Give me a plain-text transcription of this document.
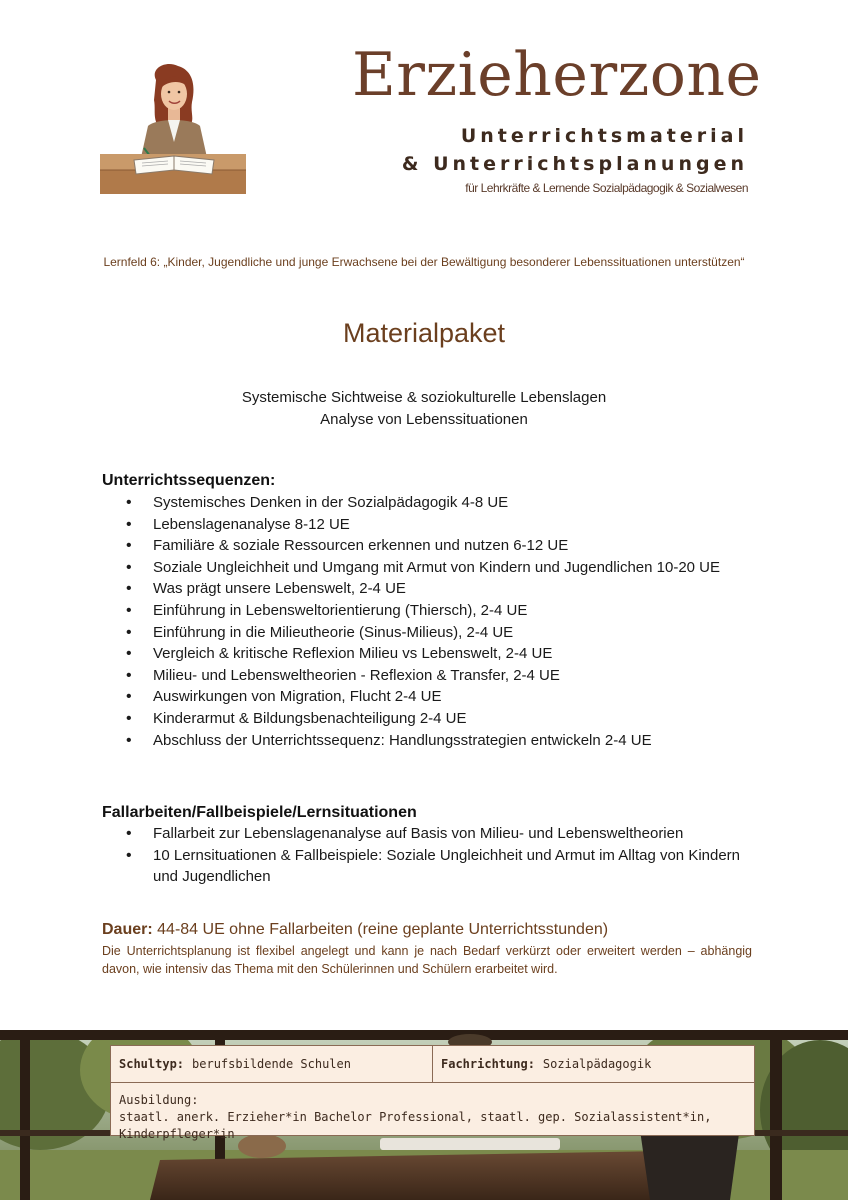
Erzieherzone
Unterrichtsmaterial
& Unterrichtsplanungen
für Lehrkräfte & Lernende Sozialpädagogik & Sozialwesen
Lernfeld 6: „Kinder, Jugendliche und junge Erwachsene bei der Bewältigung besonderer Lebenssituationen unterstützen“
Materialpaket
Systemische Sichtweise & soziokulturelle Lebenslagen
Analyse von Lebenssituationen
Unterrichtssequenzen:
• Systemisches Denken in der Sozialpädagogik 4-8 UE
• Lebenslagenanalyse 8-12 UE
• Familiäre & soziale Ressourcen erkennen und nutzen 6-12 UE
• Soziale Ungleichheit und Umgang mit Armut von Kindern und Jugendlichen 10-20 UE
• Was prägt unsere Lebenswelt, 2-4 UE
• Einführung in Lebensweltorientierung (Thiersch), 2-4 UE
• Einführung in die Milieutheorie (Sinus-Milieus), 2-4 UE
• Vergleich & kritische Reflexion Milieu vs Lebenswelt, 2-4 UE
• Milieu- und Lebensweltheorien - Reflexion & Transfer, 2-4 UE
• Auswirkungen von Migration, Flucht 2-4 UE
• Kinderarmut & Bildungsbenachteiligung 2-4 UE
• Abschluss der Unterrichtssequenz: Handlungsstrategien entwickeln 2-4 UE
Fallarbeiten/Fallbeispiele/Lernsituationen
• Fallarbeit zur Lebenslagenanalyse auf Basis von Milieu- und Lebensweltheorien
• 10 Lernsituationen & Fallbeispiele: Soziale Ungleichheit und Armut im Alltag von Kindern und Jugendlichen
Dauer: 44-84 UE ohne Fallarbeiten (reine geplante Unterrichtsstunden)
Die Unterrichtsplanung ist flexibel angelegt und kann je nach Bedarf verkürzt oder erweitert werden – abhängig davon, wie intensiv das Thema mit den Schülerinnen und Schülern erarbeitet wird.
Schultyp: berufsbildende Schulen	Fachrichtung: Sozialpädagogik
Ausbildung:
staatl. anerk. Erzieher*in Bachelor Professional, staatl. gep. Sozialassistent*in, Kinderpfleger*in
